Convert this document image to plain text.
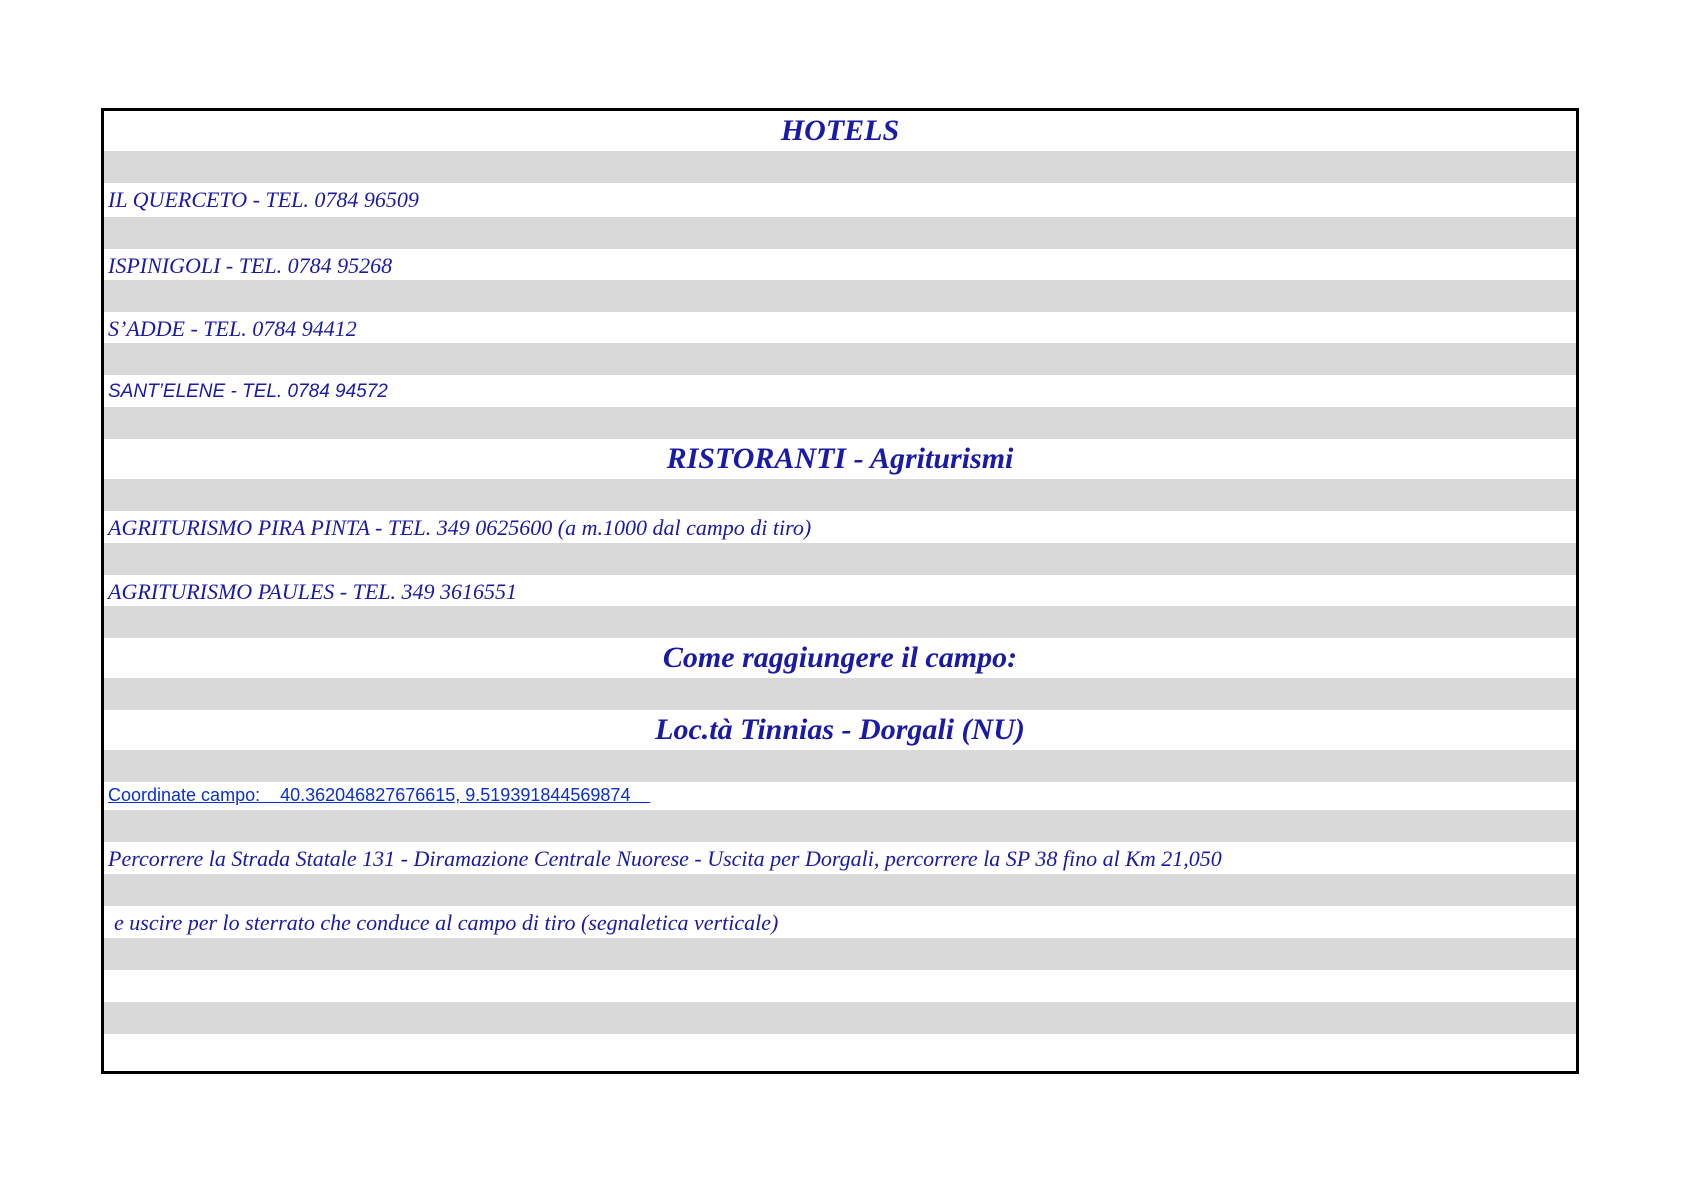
HOTELS
IL QUERCETO - TEL. 0784 96509
ISPINIGOLI - TEL. 0784 95268
S’ADDE - TEL. 0784 94412
SANT’ELENE - TEL. 0784 94572
RISTORANTI - Agriturismi
AGRITURISMO PIRA PINTA - TEL. 349 0625600 (a m.1000 dal campo di tiro)
AGRITURISMO PAULES - TEL. 349 3616551
Come raggiungere il campo:
Loc.tà Tinnias - Dorgali (NU)
Coordinate campo:    40.362046827676615, 9.519391844569874
Percorrere la Strada Statale 131 - Diramazione Centrale Nuorese - Uscita per Dorgali, percorrere la SP 38 fino al Km 21,050
e uscire per lo sterrato che conduce al campo di tiro (segnaletica verticale)
